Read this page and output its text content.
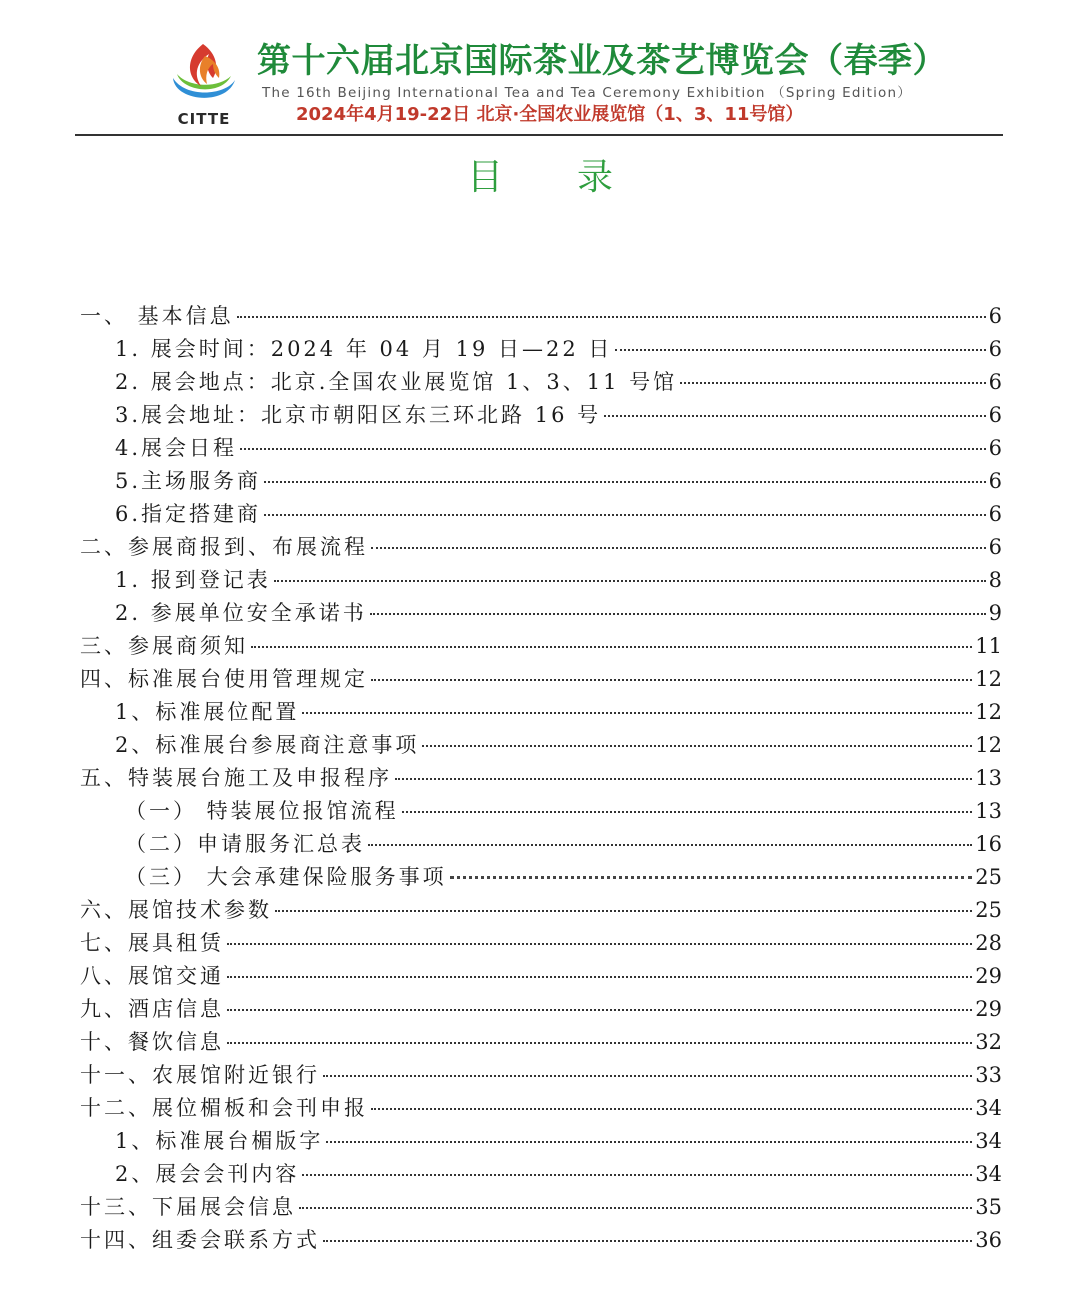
CITTE
第十六届北京国际茶业及茶艺博览会（春季）
The 16th Beijing International Tea and Tea Ceremony Exhibition （Spring Edition）
2024年4月19-22日 北京·全国农业展览馆（1、3、11号馆）
目录
一、 基本信息	6
1. 展会时间：2024 年 04 月 19 日—22 日	6
2. 展会地点：北京.全国农业展览馆 1、3、11 号馆	6
3.展会地址：北京市朝阳区东三环北路 16 号	6
4.展会日程	6
5.主场服务商	6
6.指定搭建商	6
二、参展商报到、布展流程	6
1. 报到登记表	8
2. 参展单位安全承诺书	9
三、参展商须知	11
四、标准展台使用管理规定	12
1、标准展位配置	12
2、标准展台参展商注意事项	12
五、特装展台施工及申报程序	13
（一） 特装展位报馆流程	13
（二）申请服务汇总表	16
（三） 大会承建保险服务事项	25
六、展馆技术参数	25
七、展具租赁	28
八、展馆交通	29
九、酒店信息	29
十、餐饮信息	32
十一、农展馆附近银行	33
十二、展位楣板和会刊申报	34
1、标准展台楣版字	34
2、展会会刊内容	34
十三、下届展会信息	35
十四、组委会联系方式	36
